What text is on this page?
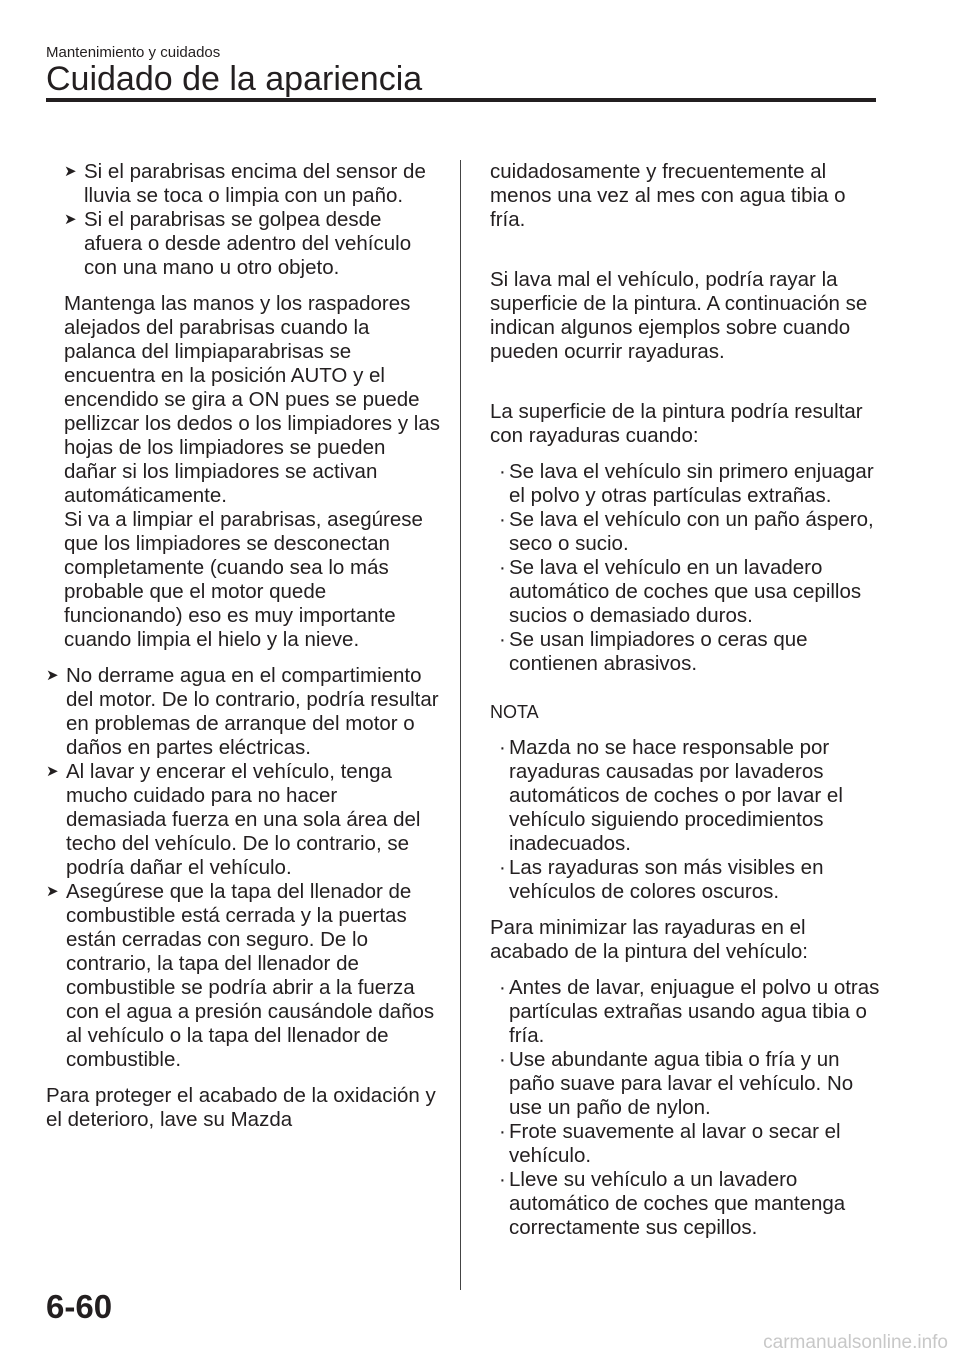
Mantenimiento y cuidados
Cuidado de la apariencia
➤ Si el parabrisas encima del sensor de lluvia se toca o limpia con un paño.
➤ Si el parabrisas se golpea desde afuera o desde adentro del vehículo con una mano u otro objeto.

Mantenga las manos y los raspadores alejados del parabrisas cuando la palanca del limpiaparabrisas se encuentra en la posición AUTO y el encendido se gira a ON pues se puede pellizcar los dedos o los limpiadores y las hojas de los limpiadores se pueden dañar si los limpiadores se activan automáticamente.
Si va a limpiar el parabrisas, asegúrese que los limpiadores se desconectan completamente (cuando sea lo más probable que el motor quede funcionando) eso es muy importante cuando limpia el hielo y la nieve.

➤ No derrame agua en el compartimiento del motor. De lo contrario, podría resultar en problemas de arranque del motor o daños en partes eléctricas.
➤ Al lavar y encerar el vehículo, tenga mucho cuidado para no hacer demasiada fuerza en una sola área del techo del vehículo. De lo contrario, se podría dañar el vehículo.
➤ Asegúrese que la tapa del llenador de combustible está cerrada y la puertas están cerradas con seguro. De lo contrario, la tapa del llenador de combustible se podría abrir a la fuerza con el agua a presión causándole daños al vehículo o la tapa del llenador de combustible.

Para proteger el acabado de la oxidación y el deterioro, lave su Mazda

cuidadosamente y frecuentemente al menos una vez al mes con agua tibia o fría.

Si lava mal el vehículo, podría rayar la superficie de la pintura. A continuación se indican algunos ejemplos sobre cuando pueden ocurrir rayaduras.

La superficie de la pintura podría resultar con rayaduras cuando:

· Se lava el vehículo sin primero enjuagar el polvo y otras partículas extrañas.
· Se lava el vehículo con un paño áspero, seco o sucio.
· Se lava el vehículo en un lavadero automático de coches que usa cepillos sucios o demasiado duros.
· Se usan limpiadores o ceras que contienen abrasivos.
NOTA
· Mazda no se hace responsable por rayaduras causadas por lavaderos automáticos de coches o por lavar el vehículo siguiendo procedimientos inadecuados.
· Las rayaduras son más visibles en vehículos de colores oscuros.

Para minimizar las rayaduras en el acabado de la pintura del vehículo:

· Antes de lavar, enjuague el polvo u otras partículas extrañas usando agua tibia o fría.
· Use abundante agua tibia o fría y un paño suave para lavar el vehículo. No use un paño de nylon.
· Frote suavemente al lavar o secar el vehículo.
· Lleve su vehículo a un lavadero automático de coches que mantenga correctamente sus cepillos.
6-60
carmanualsonline.info
